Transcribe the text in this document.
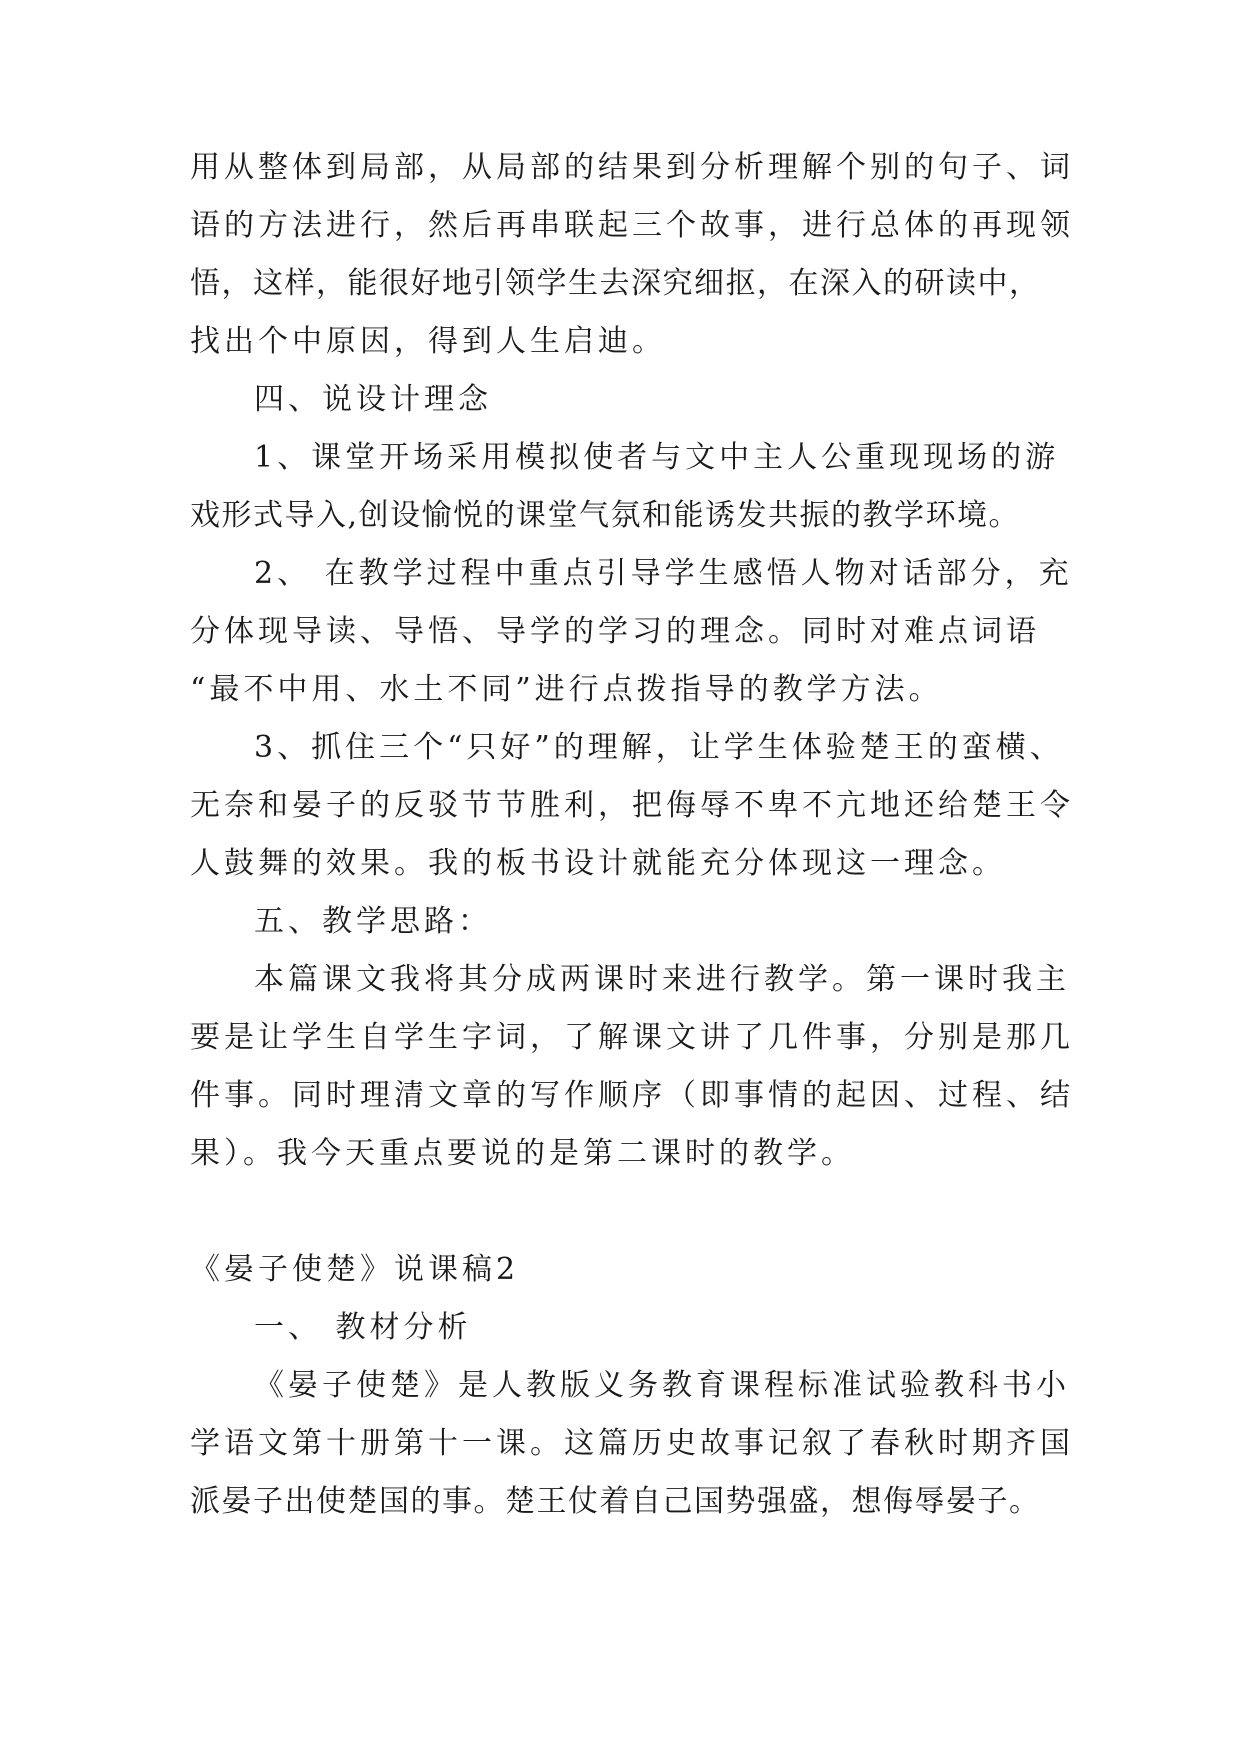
用从整体到局部，从局部的结果到分析理解个别的句子、词
语的方法进行，然后再串联起三个故事，进行总体的再现领
悟，这样，能很好地引领学生去深究细抠，在深入的研读中，
找出个中原因，得到人生启迪。
四、说设计理念
1、课堂开场采用模拟使者与文中主人公重现现场的游
戏形式导入,创设愉悦的课堂气氛和能诱发共振的教学环境。
2、 在教学过程中重点引导学生感悟人物对话部分，充
分体现导读、导悟、导学的学习的理念。同时对难点词语
“最不中用、水土不同”进行点拨指导的教学方法。
3、抓住三个“只好”的理解，让学生体验楚王的蛮横、
无奈和晏子的反驳节节胜利，把侮辱不卑不亢地还给楚王令
人鼓舞的效果。我的板书设计就能充分体现这一理念。
五、教学思路：
本篇课文我将其分成两课时来进行教学。第一课时我主
要是让学生自学生字词，了解课文讲了几件事，分别是那几
件事。同时理清文章的写作顺序（即事情的起因、过程、结
果）。我今天重点要说的是第二课时的教学。
《晏子使楚》说课稿2
一、 教材分析
《晏子使楚》是人教版义务教育课程标准试验教科书小
学语文第十册第十一课。这篇历史故事记叙了春秋时期齐国
派晏子出使楚国的事。楚王仗着自己国势强盛，想侮辱晏子。
